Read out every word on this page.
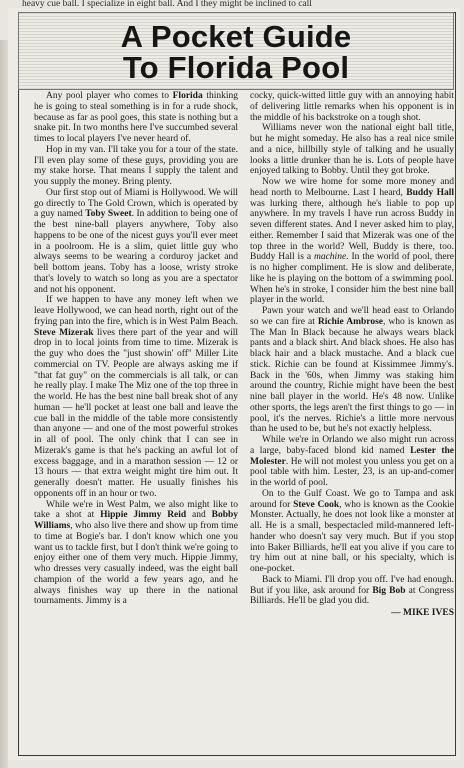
heavy cue ball. I specialize in eight ball. And I they might be inclined to call
A Pocket Guide
To Florida Pool

Any pool player who comes to Florida thinking he is going to steal something is in for a rude shock, because as far as pool goes, this state is nothing but a snake pit. In two months here I've succumbed several times to local players I've never heard of.

Hop in my van. I'll take you for a tour of the state. I'll even play some of these guys, providing you are my stake horse. That means I supply the talent and you supply the money. Bring plenty.

Our first stop out of Miami is Hollywood. We will go directly to The Gold Crown, which is operated by a guy named Toby Sweet. In addition to being one of the best nine-ball players anywhere, Toby also happens to be one of the nicest guys you'll ever meet in a poolroom. He is a slim, quiet little guy who always seems to be wearing a corduroy jacket and bell bottom jeans. Toby has a loose, wristy stroke that's lovely to watch so long as you are a spectator and not his opponent.

If we happen to have any money left when we leave Hollywood, we can head north, right out of the frying pan into the fire, which is in West Palm Beach. Steve Mizerak lives there part of the year and will drop in to local joints from time to time. Mizerak is the guy who does the "just showin' off" Miller Lite commercial on TV. People are always asking me if "that fat guy" on the commercials is all talk, or can he really play. I make The Miz one of the top three in the world. He has the best nine ball break shot of any human — he'll pocket at least one ball and leave the cue ball in the middle of the table more consistently than anyone — and one of the most powerful strokes in all of pool. The only chink that I can see in Mizerak's game is that he's packing an awful lot of excess baggage, and in a marathon session — 12 or 13 hours — that extra weight might tire him out. It generally doesn't matter. He usually finishes his opponents off in an hour or two.

While we're in West Palm, we also might like to take a shot at Hippie Jimmy Reid and Bobby Williams, who also live there and show up from time to time at Bogie's bar. I don't know which one you want us to tackle first, but I don't think we're going to enjoy either one of them very much. Hippie Jimmy, who dresses very casually indeed, was the eight ball champion of the world a few years ago, and he always finishes way up there in the national tournaments. Jimmy is a

cocky, quick-witted little guy with an annoying habit of delivering little remarks when his opponent is in the middle of his backstroke on a tough shot.

Williams never won the national eight ball title, but he might someday. He also has a real nice smile and a nice, hillbilly style of talking and he usually looks a little drunker than he is. Lots of people have enjoyed talking to Bobby. Until they got broke.

Now we wire home for some more money and head north to Melbourne. Last I heard, Buddy Hall was lurking there, although he's liable to pop up anywhere. In my travels I have run across Buddy in seven different states. And I never asked him to play, either. Remember I said that Mizerak was one of the top three in the world? Well, Buddy is there, too. Buddy Hall is a machine. In the world of pool, there is no higher compliment. He is slow and deliberate, like he is playing on the bottom of a swimming pool. When he's in stroke, I consider him the best nine ball player in the world.

Pawn your watch and we'll head east to Orlando so we can fire at Richie Ambrose, who is known as The Man In Black because he always wears black pants and a black shirt. And black shoes. He also has black hair and a black mustache. And a black cue stick. Richie can be found at Kissimmee Jimmy's. Back in the '60s, when Jimmy was staking him around the country, Richie might have been the best nine ball player in the world. He's 48 now. Unlike other sports, the legs aren't the first things to go — in pool, it's the nerves. Richie's a little more nervous than he used to be, but he's not exactly helpless.

While we're in Orlando we also might run across a large, baby-faced blond kid named Lester the Molester. He will not molest you unless you get on a pool table with him. Lester, 23, is an up-and-comer in the world of pool.

On to the Gulf Coast. We go to Tampa and ask around for Steve Cook, who is known as the Cookie Monster. Actually, he does not look like a monster at all. He is a small, bespectacled mild-mannered left-hander who doesn't say very much. But if you stop into Baker Billiards, he'll eat you alive if you care to try him out at nine ball, or his specialty, which is one-pocket.

Back to Miami. I'll drop you off. I've had enough. But if you like, ask around for Big Bob at Congress Billiards. He'll be glad you did.

— MIKE IVES
